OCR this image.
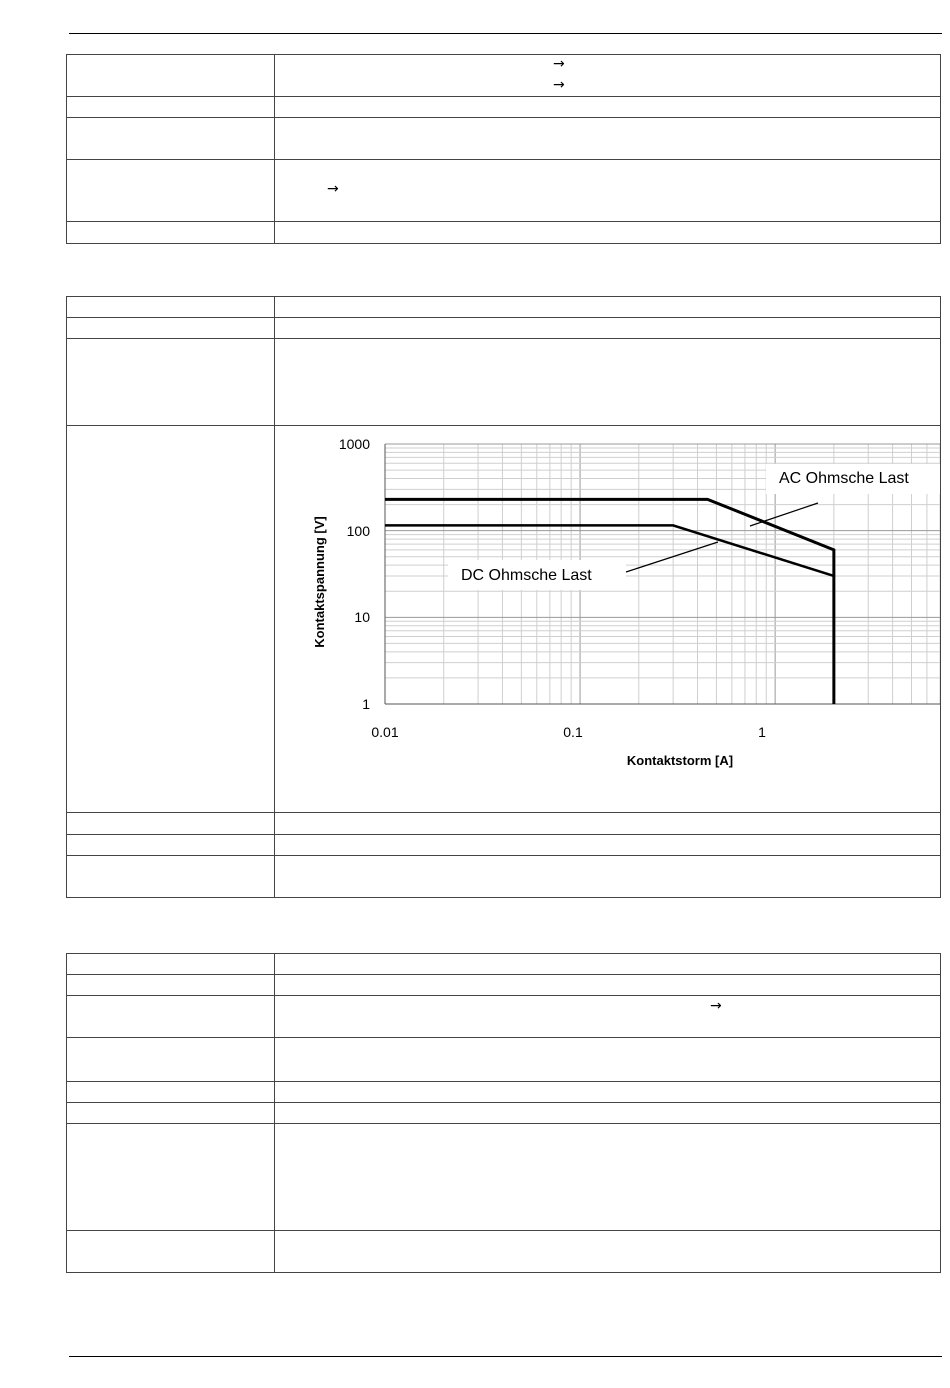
→
→
→

AC Ohmsche Last
DC Ohmsche Last
1000
100
10
1
0.01	0.1	1
Kontaktstorm [A]
Kontaktspannung [V]

→
